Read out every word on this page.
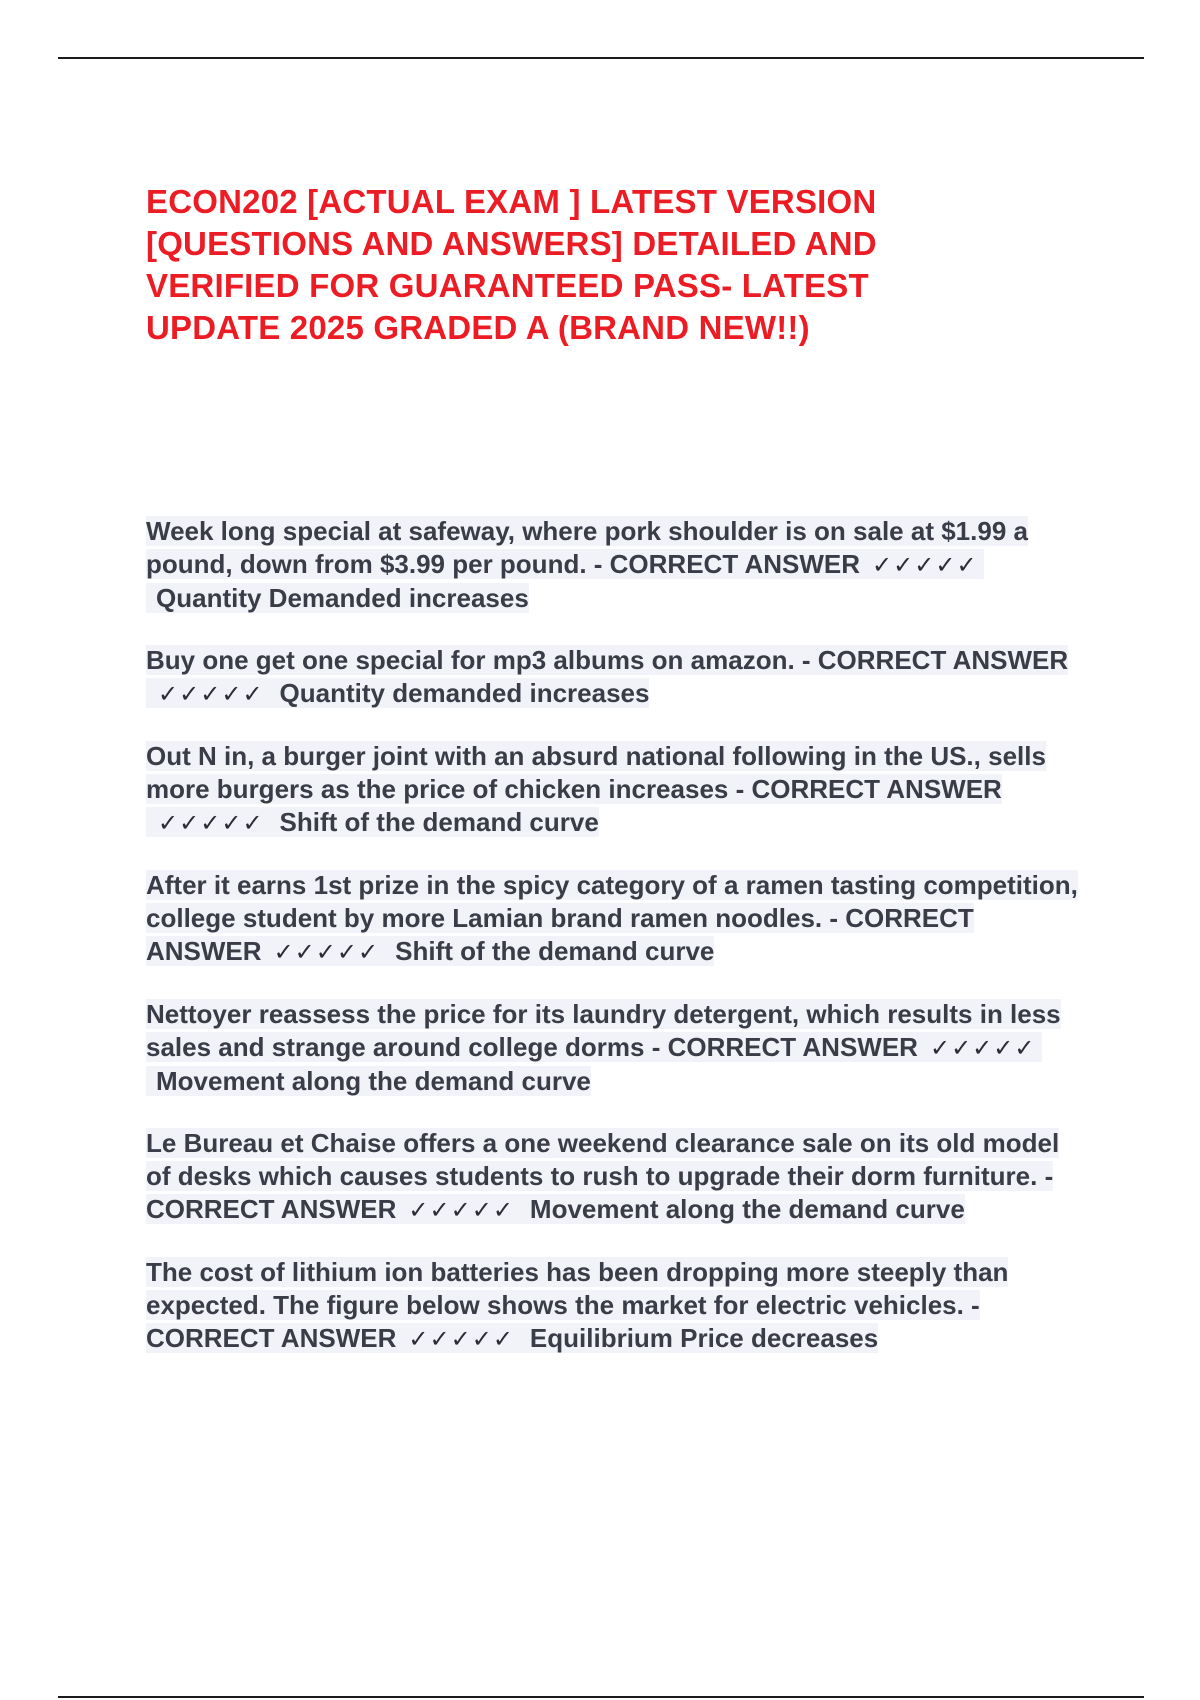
ECON202 [ACTUAL EXAM ] LATEST VERSION [QUESTIONS AND ANSWERS] DETAILED AND VERIFIED FOR GUARANTEED PASS- LATEST UPDATE 2025 GRADED A (BRAND NEW!!)

Week long special at safeway, where pork shoulder is on sale at $1.99 a pound, down from $3.99 per pound. - CORRECT ANSWER ✓✓✓✓✓Quantity Demanded increases

Buy one get one special for mp3 albums on amazon. - CORRECT ANSWER✓✓✓✓✓ Quantity demanded increases

Out N in, a burger joint with an absurd national following in the US., sells more burgers as the price of chicken increases - CORRECT ANSWER✓✓✓✓✓ Shift of the demand curve

After it earns 1st prize in the spicy category of a ramen tasting competition, college student by more Lamian brand ramen noodles. - CORRECT ANSWER ✓✓✓✓✓ Shift of the demand curve

Nettoyer reassess the price for its laundry detergent, which results in less sales and strange around college dorms - CORRECT ANSWER ✓✓✓✓✓Movement along the demand curve

Le Bureau et Chaise offers a one weekend clearance sale on its old model of desks which causes students to rush to upgrade their dorm furniture. - CORRECT ANSWER ✓✓✓✓✓ Movement along the demand curve

The cost of lithium ion batteries has been dropping more steeply than expected. The figure below shows the market for electric vehicles. - CORRECT ANSWER ✓✓✓✓✓ Equilibrium Price decreases
